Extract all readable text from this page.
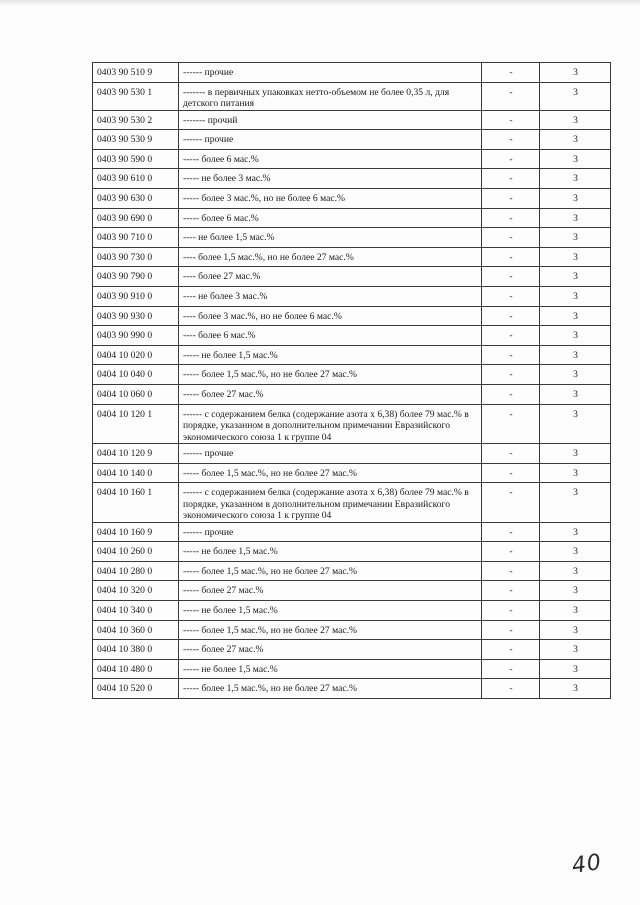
0403 90 510 9	------ прочие	-	3
0403 90 530 1	------- в первичных упаковках нетто-объемом не более 0,35 л, для детского питания	-	3
0403 90 530 2	------- прочий	-	3
0403 90 530 9	------ прочие	-	3
0403 90 590 0	----- более 6 мас.%	-	3
0403 90 610 0	----- не более 3 мас.%	-	3
0403 90 630 0	----- более 3 мас.%, но не более 6 мас.%	-	3
0403 90 690 0	----- более 6 мас.%	-	3
0403 90 710 0	---- не более 1,5 мас.%	-	3
0403 90 730 0	---- более 1,5 мас.%, но не более 27 мас.%	-	3
0403 90 790 0	---- более 27 мас.%	-	3
0403 90 910 0	---- не более 3 мас.%	-	3
0403 90 930 0	---- более 3 мас.%, но не более 6 мас.%	-	3
0403 90 990 0	---- более 6 мас.%	-	3
0404 10 020 0	----- не более 1,5 мас.%	-	3
0404 10 040 0	----- более 1,5 мас.%, но не более 27 мас.%	-	3
0404 10 060 0	----- более 27 мас.%	-	3
0404 10 120 1	------ с содержанием белка (содержание азота х 6,38) более 79 мас.% в порядке, указанном в дополнительном примечании Евразийского экономического союза 1 к группе 04	-	3
0404 10 120 9	------ прочие	-	3
0404 10 140 0	----- более 1,5 мас.%, но не более 27 мас.%	-	3
0404 10 160 1	------ с содержанием белка (содержание азота х 6,38) более 79 мас.% в порядке, указанном в дополнительном примечании Евразийского экономического союза 1 к группе 04	-	3
0404 10 160 9	------ прочие	-	3
0404 10 260 0	----- не более 1,5 мас.%	-	3
0404 10 280 0	----- более 1,5 мас.%, но не более 27 мас.%	-	3
0404 10 320 0	----- более 27 мас.%	-	3
0404 10 340 0	----- не более 1,5 мас.%	-	3
0404 10 360 0	----- более 1,5 мас.%, но не более 27 мас.%	-	3
0404 10 380 0	----- более 27 мас.%	-	3
0404 10 480 0	----- не более 1,5 мас.%	-	3
0404 10 520 0	----- более 1,5 мас.%, но не более 27 мас.%	-	3
40
